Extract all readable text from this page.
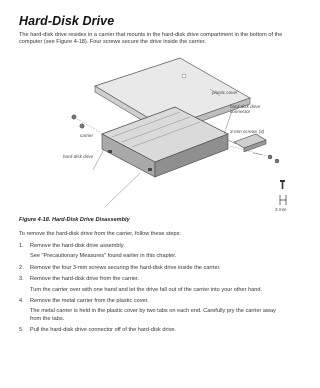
Hard-Disk Drive

The hard-disk drive resides in a carrier that mounts in the hard-disk drive compartment in the bottom of the computer (see Figure 4-18). Four screws secure the drive inside the carrier.

plastic cover
hard-disk drive connector
3-mm screws (4)
carrier
hard-disk drive
3 mm

Figure 4-18. Hard-Disk Drive Disassembly

To remove the hard-disk drive from the carrier, follow these steps:

1. Remove the hard-disk drive assembly.
See "Precautionary Measures" found earlier in this chapter.
2. Remove the four 3-mm screws securing the hard-disk drive inside the carrier.
3. Remove the hard-disk drive from the carrier.
Turn the carrier over with one hand and let the drive fall out of the carrier into your other hand.
4. Remove the metal carrier from the plastic cover.
The metal carrier is held in the plastic cover by two tabs on each end. Carefully pry the carrier away from the tabs.
5. Pull the hard-disk drive connector off of the hard-disk drive.
